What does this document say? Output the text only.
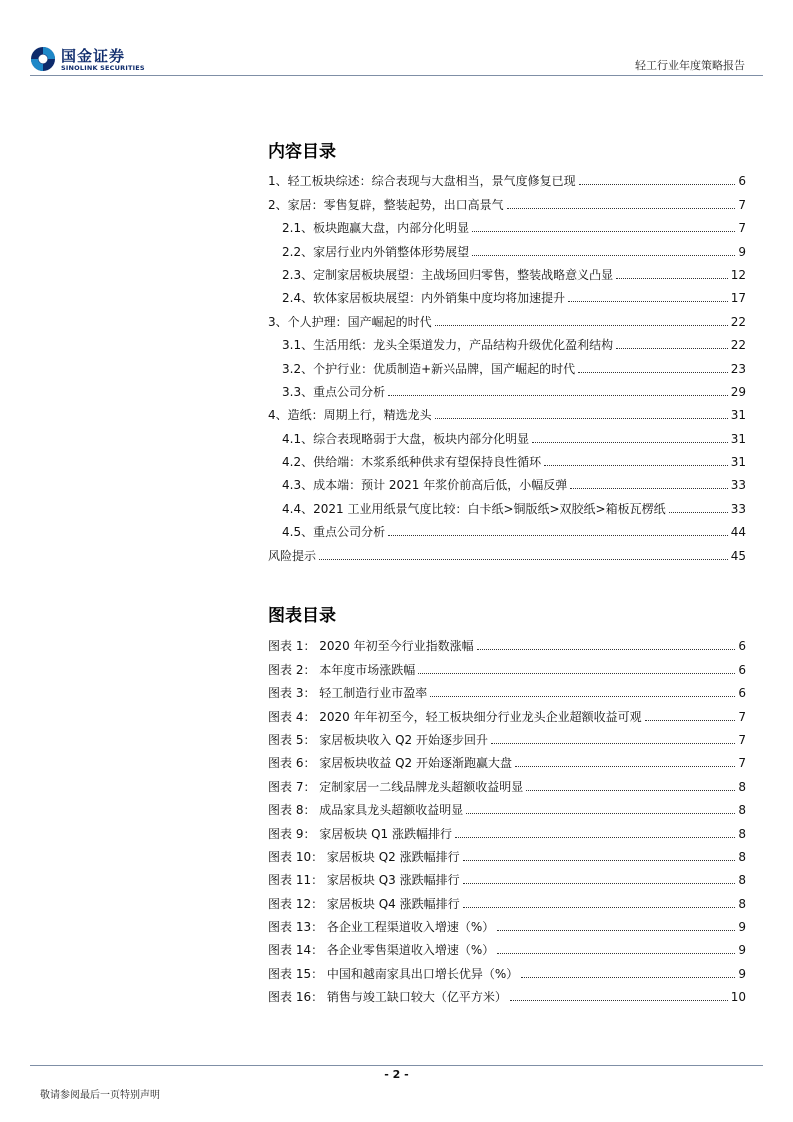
国金证券
SINOLINK SECURITIES	轻工行业年度策略报告
内容目录
1、轻工板块综述：综合表现与大盘相当，景气度修复已现	6
2、家居：零售复辟，整装起势，出口高景气	7
2.1、板块跑赢大盘，内部分化明显	7
2.2、家居行业内外销整体形势展望	9
2.3、定制家居板块展望：主战场回归零售，整装战略意义凸显	12
2.4、软体家居板块展望：内外销集中度均将加速提升	17
3、个人护理：国产崛起的时代	22
3.1、生活用纸：龙头全渠道发力，产品结构升级优化盈利结构	22
3.2、个护行业：优质制造+新兴品牌，国产崛起的时代	23
3.3、重点公司分析	29
4、造纸：周期上行，精选龙头	31
4.1、综合表现略弱于大盘，板块内部分化明显	31
4.2、供给端：木浆系纸种供求有望保持良性循环	31
4.3、成本端：预计 2021 年浆价前高后低，小幅反弹	33
4.4、2021 工业用纸景气度比较：白卡纸>铜版纸>双胶纸>箱板瓦楞纸	33
4.5、重点公司分析	44
风险提示	45
图表目录
图表 1： 2020 年初至今行业指数涨幅	6
图表 2： 本年度市场涨跌幅	6
图表 3： 轻工制造行业市盈率	6
图表 4： 2020 年年初至今，轻工板块细分行业龙头企业超额收益可观	7
图表 5： 家居板块收入 Q2 开始逐步回升	7
图表 6： 家居板块收益 Q2 开始逐渐跑赢大盘	7
图表 7： 定制家居一二线品牌龙头超额收益明显	8
图表 8： 成品家具龙头超额收益明显	8
图表 9： 家居板块 Q1 涨跌幅排行	8
图表 10： 家居板块 Q2 涨跌幅排行	8
图表 11： 家居板块 Q3 涨跌幅排行	8
图表 12： 家居板块 Q4 涨跌幅排行	8
图表 13： 各企业工程渠道收入增速（%）	9
图表 14： 各企业零售渠道收入增速（%）	9
图表 15： 中国和越南家具出口增长优异（%）	9
图表 16： 销售与竣工缺口较大（亿平方米）	10
- 2 -
敬请参阅最后一页特别声明
